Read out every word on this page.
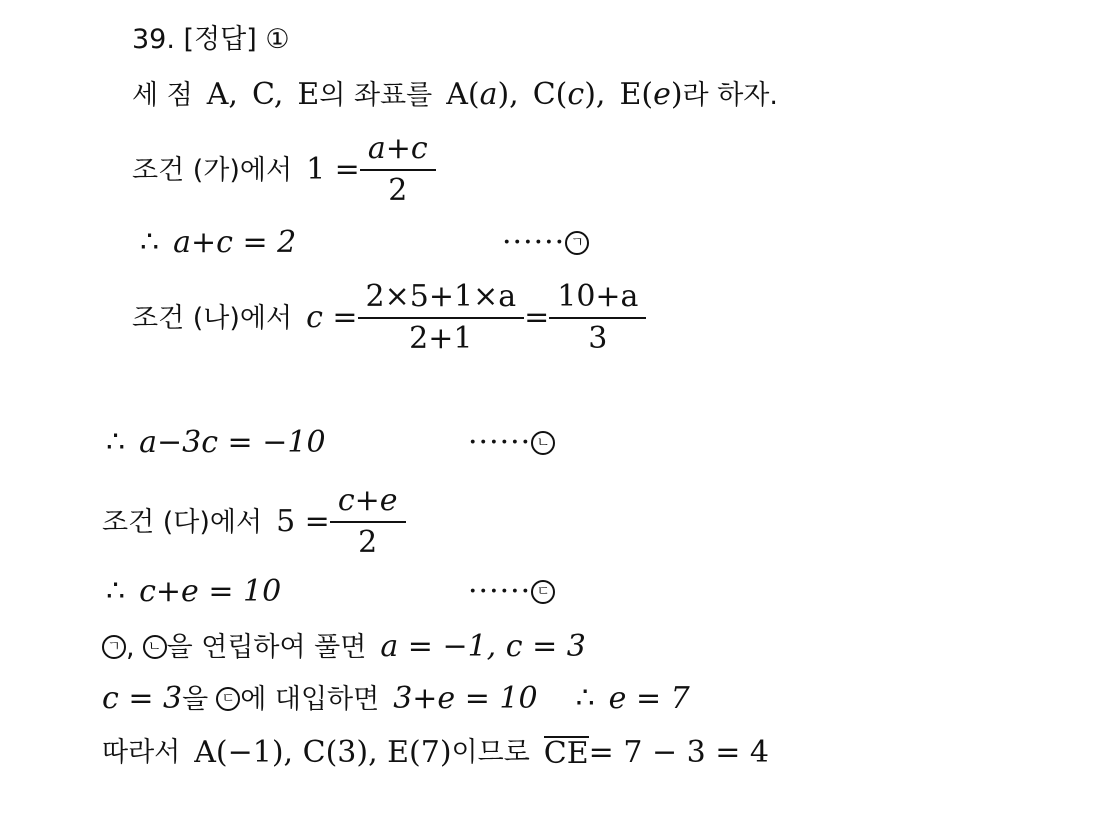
39. [정답] ①
세 점 A, C, E 의 좌표를 A( a ), C( c ), E( e ) 라 하자.
조건 (가)에서 $1 = \frac{a+c}{2}$
∴ a+c = 2	······ ㄱ
조건 (나)에서 $c = \frac{2\times 5+1\times a}{2+1} = \frac{10+a}{3}$
∴ a−3c = −10	······ ㄴ
조건 (다)에서 $5 = \frac{c+e}{2}$
∴ c+e = 10	······ ㄷ
ㄱ , ㄴ 을 연립하여 풀면 a = −1, c = 3
c = 3 을 ㄷ 에 대입하면 3+e = 10 ∴ e = 7
따라서 A(−1), C(3), E(7) 이므로 CE = 7 − 3 = 4
